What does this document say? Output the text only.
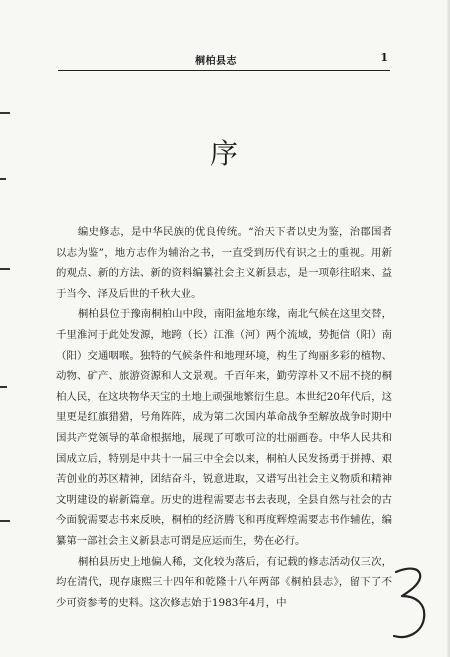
桐柏县志	1
序

编史修志，是中华民族的优良传统。“治天下者以史为鉴，治郡国者以志为鉴”，地方志作为辅治之书，一直受到历代有识之士的重视。用新的观点、新的方法、新的资料编纂社会主义新县志，是一项彰往昭来、益于当今、泽及后世的千秋大业。

桐柏县位于豫南桐柏山中段，南阳盆地东缘，南北气候在这里交替，千里淮河于此处发源，地跨（长）江淮（河）两个流域，势扼信（阳）南（阳）交通咽喉。独特的气候条件和地理环境，构生了绚丽多彩的植物、动物、矿产、旅游资源和人文景观。千百年来，勤劳淳朴又不屈不挠的桐柏人民，在这块物华天宝的土地上顽强地繁衍生息。本世纪20年代后，这里更是红旗猎猎，号角阵阵，成为第二次国内革命战争至解放战争时期中国共产党领导的革命根据地，展现了可歌可泣的壮丽画卷。中华人民共和国成立后，特别是中共十一届三中全会以来，桐柏人民发扬勇于拼搏、艰苦创业的苏区精神，团结奋斗，锐意进取，又谱写出社会主义物质和精神文明建设的崭新篇章。历史的进程需要志书去表现，全县自然与社会的古今面貌需要志书来反映，桐柏的经济腾飞和再度辉煌需要志书作辅佐，编纂第一部社会主义新县志可谓是应运而生，势在必行。

桐柏县历史上地偏人稀，文化较为落后，有记载的修志活动仅三次，均在清代，现存康熙三十四年和乾隆十八年两部《桐柏县志》，留下了不少可资参考的史料。这次修志始于1983年4月，中
